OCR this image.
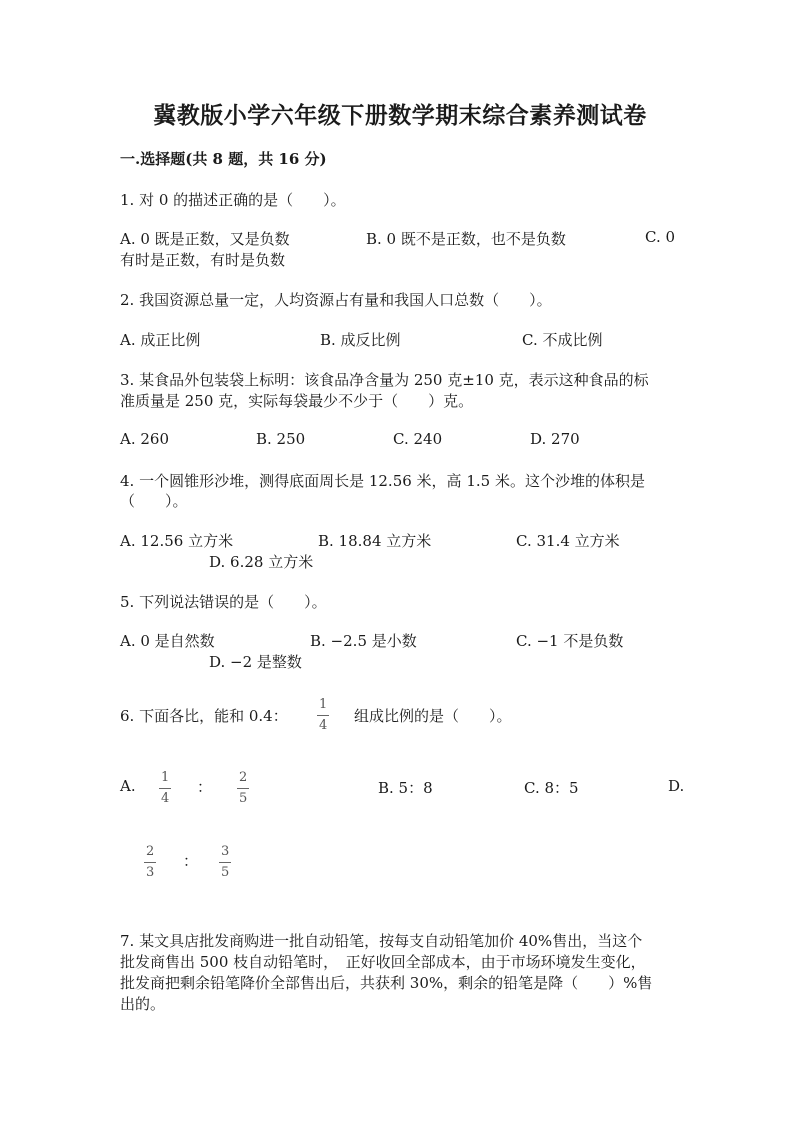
冀教版小学六年级下册数学期末综合素养测试卷
一.选择题(共 8 题，共 16 分)
1. 对 0 的描述正确的是（　　）。
A. 0 既是正数，又是负数	B. 0 既不是正数，也不是负数	C. 0
有时是正数，有时是负数
2. 我国资源总量一定，人均资源占有量和我国人口总数（　　）。
A. 成正比例	B. 成反比例	C. 不成比例
3. 某食品外包装袋上标明：该食品净含量为 250 克±10 克，表示这种食品的标
准质量是 250 克，实际每袋最少不少于（　　）克。
A. 260	B. 250	C. 240	D. 270
4. 一个圆锥形沙堆，测得底面周长是 12.56 米，高 1.5 米。这个沙堆的体积是
（　　）。
A. 12.56 立方米	B. 18.84 立方米	C. 31.4 立方米
D. 6.28 立方米
5. 下列说法错误的是（　　）。
A. 0 是自然数	B. −2.5 是小数	C. −1 不是负数
D. −2 是整数
6. 下面各比，能和 0.4：
1
4
组成比例的是（　　）。
A. 1
4
：
2
5
B. 5：8	C. 8：5	D.
2
3
：
3
5
7. 某文具店批发商购进一批自动铅笔，按每支自动铅笔加价 40%售出，当这个
批发商售出 500 枝自动铅笔时，　正好收回全部成本，由于市场环境发生变化，
批发商把剩余铅笔降价全部售出后，共获利 30%，剩余的铅笔是降（　　）%售
出的。
